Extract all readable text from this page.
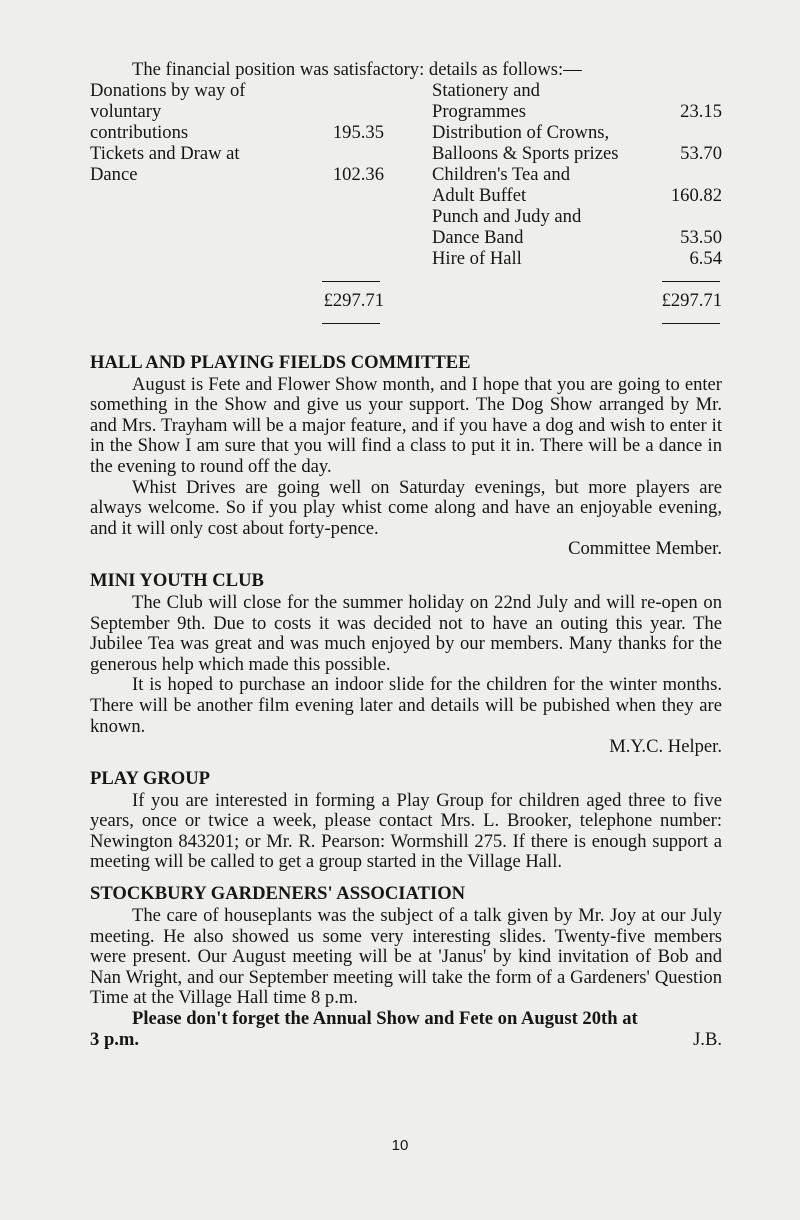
The financial position was satisfactory: details as follows:—

Donations by way of
voluntary
contributions	195.35
Tickets and Draw at
Dance	102.36
Stationery and
Programmes	23.15
Distribution of Crowns,
Balloons & Sports prizes	53.70
Children's Tea and
Adult Buffet	160.82
Punch and Judy and
Dance Band	53.50
Hire of Hall	6.54
£297.71	£297.71
HALL AND PLAYING FIELDS COMMITTEE

August is Fete and Flower Show month, and I hope that you are going to enter something in the Show and give us your support. The Dog Show arranged by Mr. and Mrs. Trayham will be a major feature, and if you have a dog and wish to enter it in the Show I am sure that you will find a class to put it in. There will be a dance in the evening to round off the day.

Whist Drives are going well on Saturday evenings, but more players are always welcome. So if you play whist come along and have an enjoyable evening, and it will only cost about forty-pence.

Committee Member.
MINI YOUTH CLUB

The Club will close for the summer holiday on 22nd July and will re-open on September 9th. Due to costs it was decided not to have an outing this year. The Jubilee Tea was great and was much enjoyed by our members. Many thanks for the generous help which made this possible.

It is hoped to purchase an indoor slide for the children for the winter months. There will be another film evening later and details will be pubished when they are known.

M.Y.C. Helper.
PLAY GROUP

If you are interested in forming a Play Group for children aged three to five years, once or twice a week, please contact Mrs. L. Brooker, telephone number: Newington 843201; or Mr. R. Pearson: Wormshill 275. If there is enough support a meeting will be called to get a group started in the Village Hall.

STOCKBURY GARDENERS' ASSOCIATION

The care of houseplants was the subject of a talk given by Mr. Joy at our July meeting. He also showed us some very interesting slides. Twenty-five members were present. Our August meeting will be at 'Janus' by kind invitation of Bob and Nan Wright, and our September meeting will take the form of a Gardeners' Question Time at the Village Hall time 8 p.m.

Please don't forget the Annual Show and Fete on August 20th at

3 p.m.	J.B.
10
